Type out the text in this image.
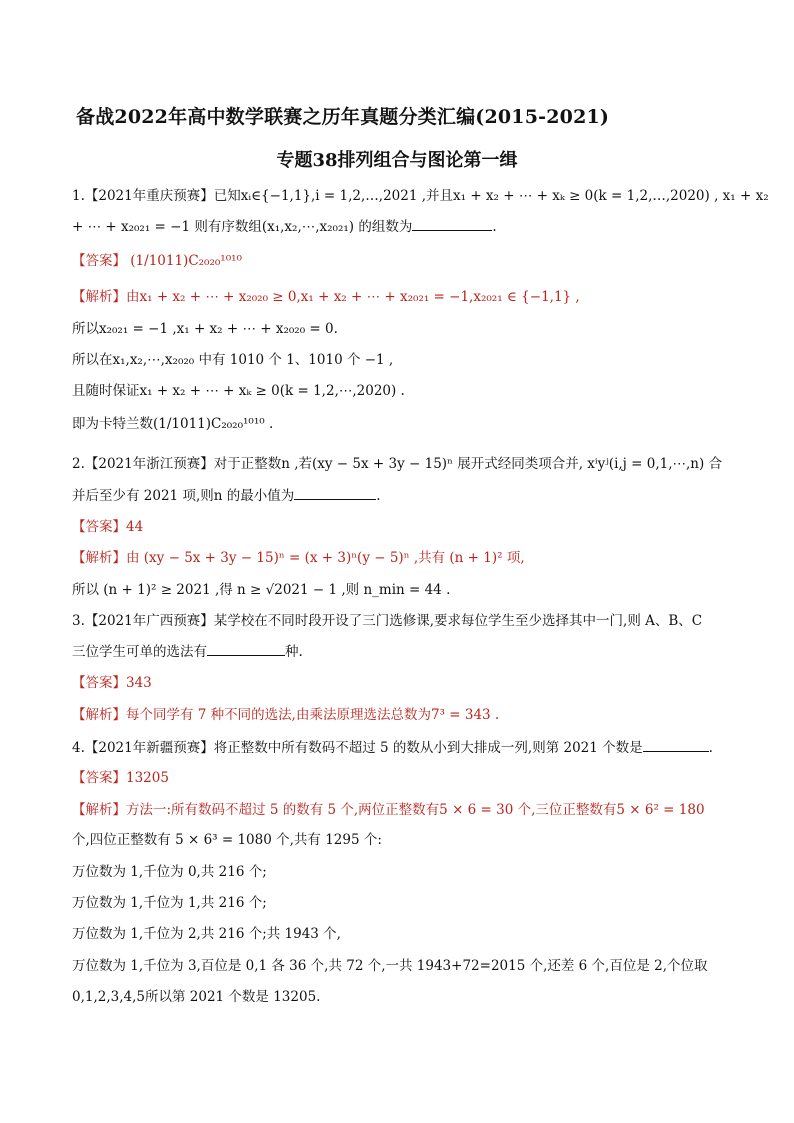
备战2022年高中数学联赛之历年真题分类汇编(2015-2021)
专题38排列组合与图论第一缉
1.【2021年重庆预赛】已知xᵢ∈{−1,1},i = 1,2,…,2021 ,并且x₁ + x₂ + ⋯ + xₖ ≥ 0(k = 1,2,…,2020) , x₁ + x₂
+ ⋯ + x₂₀₂₁ = −1 则有序数组(x₁,x₂,⋯,x₂₀₂₁) 的组数为	.
【答案】 (1/1011)C₂₀₂₀¹⁰¹⁰
【解析】由x₁ + x₂ + ⋯ + x₂₀₂₀ ≥ 0,x₁ + x₂ + ⋯ + x₂₀₂₁ = −1,x₂₀₂₁ ∈ {−1,1} ,
所以x₂₀₂₁ = −1 ,x₁ + x₂ + ⋯ + x₂₀₂₀ = 0.
所以在x₁,x₂,⋯,x₂₀₂₀ 中有 1010 个 1、1010 个 −1 ,
且随时保证x₁ + x₂ + ⋯ + xₖ ≥ 0(k = 1,2,⋯,2020) .
即为卡特兰数(1/1011)C₂₀₂₀¹⁰¹⁰ .
2.【2021年浙江预赛】对于正整数n ,若(xy − 5x + 3y − 15)ⁿ 展开式经同类项合并, xⁱyʲ(i,j = 0,1,⋯,n) 合
并后至少有 2021 项,则n 的最小值为	.
【答案】44
【解析】由 (xy − 5x + 3y − 15)ⁿ = (x + 3)ⁿ(y − 5)ⁿ ,共有 (n + 1)² 项,
所以 (n + 1)² ≥ 2021 ,得 n ≥ √2021 − 1 ,则 n_min = 44 .
3.【2021年广西预赛】某学校在不同时段开设了三门选修课,要求每位学生至少选择其中一门,则 A、B、C
三位学生可单的选法有	种.
【答案】343
【解析】每个同学有 7 种不同的选法,由乘法原理选法总数为7³ = 343 .
4.【2021年新疆预赛】将正整数中所有数码不超过 5 的数从小到大排成一列,则第 2021 个数是	.
【答案】13205
【解析】方法一:所有数码不超过 5 的数有 5 个,两位正整数有5 × 6 = 30 个,三位正整数有5 × 6² = 180
个,四位正整数有 5 × 6³ = 1080 个,共有 1295 个:
万位数为 1,千位为 0,共 216 个;
万位数为 1,千位为 1,共 216 个;
万位数为 1,千位为 2,共 216 个;共 1943 个,
万位数为 1,千位为 3,百位是 0,1 各 36 个,共 72 个,一共 1943+72=2015 个,还差 6 个,百位是 2,个位取
0,1,2,3,4,5所以第 2021 个数是 13205.
